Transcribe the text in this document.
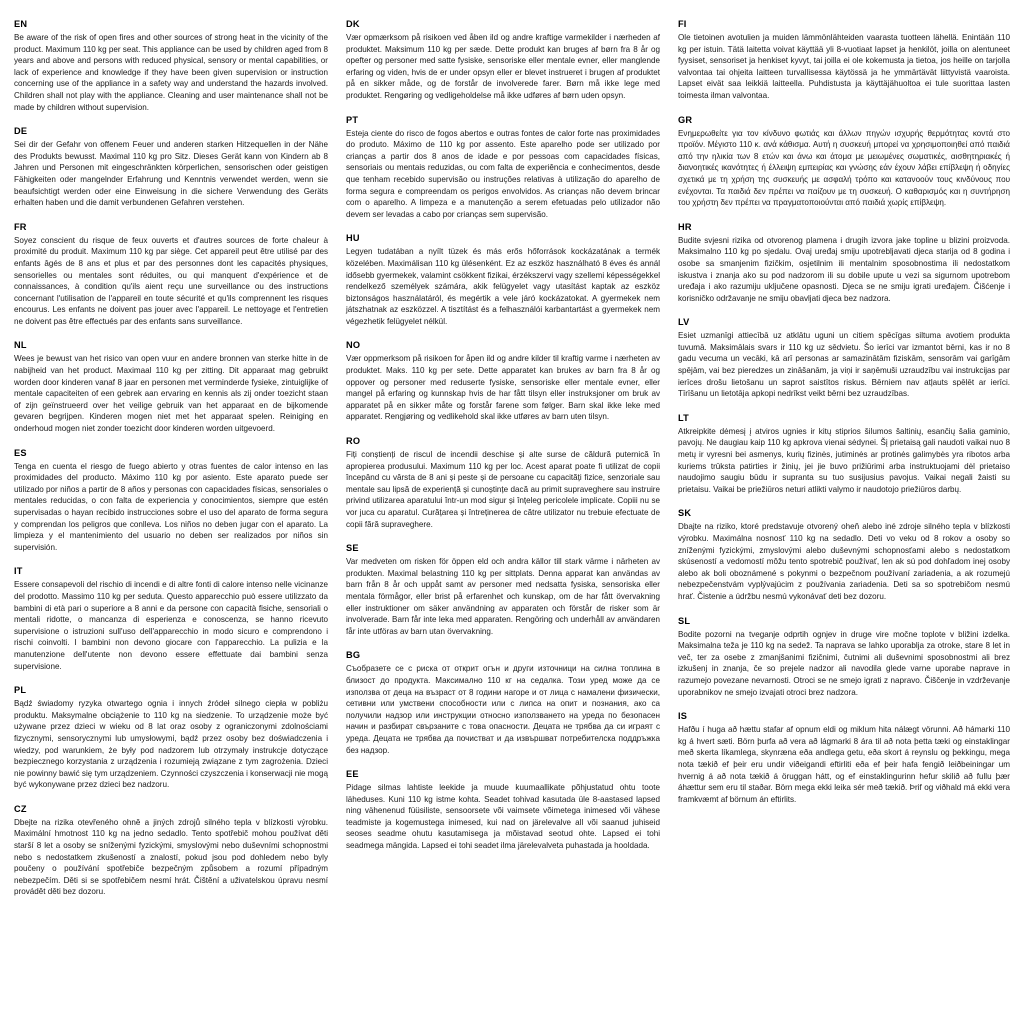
EN
Be aware of the risk of open fires and other sources of strong heat in the vicinity of the product. Maximum 110 kg per seat. This appliance can be used by children aged from 8 years and above and persons with reduced physical, sensory or mental capabilities, or lack of experience and knowledge if they have been given supervision or instruction concerning use of the appliance in a safety way and understand the hazards involved. Children shall not play with the appliance. Cleaning and user maintenance shall not be made by children without supervision.
DE
Sei dir der Gefahr von offenem Feuer und anderen starken Hitzequellen in der Nähe des Produkts bewusst. Maximal 110 kg pro Sitz. Dieses Gerät kann von Kindern ab 8 Jahren und Personen mit eingeschränkten körperlichen, sensorischen oder geistigen Fähigkeiten oder mangelnder Erfahrung und Kenntnis verwendet werden, wenn sie beaufsichtigt werden oder eine Einweisung in die sichere Verwendung des Geräts erhalten haben und die damit verbundenen Gefahren verstehen.
FR
Soyez conscient du risque de feux ouverts et d'autres sources de forte chaleur à proximité du produit. Maximum 110 kg par siège. Cet appareil peut être utilisé par des enfants âgés de 8 ans et plus et par des personnes dont les capacités physiques, sensorielles ou mentales sont réduites, ou qui manquent d'expérience et de connaissances, à condition qu'ils aient reçu une surveillance ou des instructions concernant l'utilisation de l'appareil en toute sécurité et qu'ils comprennent les risques encourus. Les enfants ne doivent pas jouer avec l'appareil. Le nettoyage et l'entretien ne doivent pas être effectués par des enfants sans surveillance.
NL
Wees je bewust van het risico van open vuur en andere bronnen van sterke hitte in de nabijheid van het product. Maximaal 110 kg per zitting. Dit apparaat mag gebruikt worden door kinderen vanaf 8 jaar en personen met verminderde fysieke, zintuiglijke of mentale capaciteiten of een gebrek aan ervaring en kennis als zij onder toezicht staan of zijn geïnstrueerd over het veilige gebruik van het apparaat en de bijkomende gevaren begrijpen. Kinderen mogen niet met het apparaat spelen. Reiniging en onderhoud mogen niet zonder toezicht door kinderen worden uitgevoerd.
ES
Tenga en cuenta el riesgo de fuego abierto y otras fuentes de calor intenso en las proximidades del producto. Máximo 110 kg por asiento. Este aparato puede ser utilizado por niños a partir de 8 años y personas con capacidades físicas, sensoriales o mentales reducidas, o con falta de experiencia y conocimientos, siempre que estén supervisadas o hayan recibido instrucciones sobre el uso del aparato de forma segura y comprendan los peligros que conlleva. Los niños no deben jugar con el aparato. La limpieza y el mantenimiento del usuario no deben ser realizados por niños sin supervisión.
IT
Essere consapevoli del rischio di incendi e di altre fonti di calore intenso nelle vicinanze del prodotto. Massimo 110 kg per seduta. Questo apparecchio può essere utilizzato da bambini di età pari o superiore a 8 anni e da persone con capacità fisiche, sensoriali o mentali ridotte, o mancanza di esperienza e conoscenza, se hanno ricevuto supervisione o istruzioni sull'uso dell'apparecchio in modo sicuro e comprendono i rischi coinvolti. I bambini non devono giocare con l'apparecchio. La pulizia e la manutenzione dell'utente non devono essere effettuate dai bambini senza supervisione.
PL
Bądź świadomy ryzyka otwartego ognia i innych źródeł silnego ciepła w pobliżu produktu. Maksymalne obciążenie to 110 kg na siedzenie. To urządzenie może być używane przez dzieci w wieku od 8 lat oraz osoby z ograniczonymi zdolnościami fizycznymi, sensorycznymi lub umysłowymi, bądź przez osoby bez doświadczenia i wiedzy, pod warunkiem, że były pod nadzorem lub otrzymały instrukcje dotyczące bezpiecznego korzystania z urządzenia i rozumieją związane z tym zagrożenia. Dzieci nie powinny bawić się tym urządzeniem. Czynności czyszczenia i konserwacji nie mogą być wykonywane przez dzieci bez nadzoru.
CZ
Dbejte na rizika otevřeného ohně a jiných zdrojů silného tepla v blízkosti výrobku. Maximální hmotnost 110 kg na jedno sedadlo. Tento spotřebič mohou používat děti starší 8 let a osoby se sníženými fyzickými, smyslovými nebo duševními schopnostmi nebo s nedostatkem zkušeností a znalostí, pokud jsou pod dohledem nebo byly poučeny o používání spotřebiče bezpečným způsobem a rozumí případným nebezpečím. Děti si se spotřebičem nesmí hrát. Čištění a uživatelskou úpravu nesmí provádět děti bez dozoru.
DK
Vær opmærksom på risikoen ved åben ild og andre kraftige varmekilder i nærheden af produktet. Maksimum 110 kg per sæde. Dette produkt kan bruges af børn fra 8 år og opefter og personer med satte fysiske, sensoriske eller mentale evner, eller manglende erfaring og viden, hvis de er under opsyn eller er blevet instrueret i brugen af produktet på en sikker måde, og de forstår de involverede farer. Børn må ikke lege med produktet. Rengøring og vedligeholdelse må ikke udføres af børn uden opsyn.
PT
Esteja ciente do risco de fogos abertos e outras fontes de calor forte nas proximidades do produto. Máximo de 110 kg por assento. Este aparelho pode ser utilizado por crianças a partir dos 8 anos de idade e por pessoas com capacidades físicas, sensoriais ou mentais reduzidas, ou com falta de experiência e conhecimentos, desde que tenham recebido supervisão ou instruções relativas à utilização do aparelho de forma segura e compreendam os perigos envolvidos. As crianças não devem brincar com o aparelho. A limpeza e a manutenção a serem efetuadas pelo utilizador não devem ser levadas a cabo por crianças sem supervisão.
HU
Legyen tudatában a nyílt tüzek és más erős hőforrások kockázatának a termék közelében. Maximálisan 110 kg ülésenként. Ez az eszköz használható 8 éves és annál idősebb gyermekek, valamint csökkent fizikai, érzékszervi vagy szellemi képességekkel rendelkező személyek számára, akik felügyelet vagy utasítást kaptak az eszköz biztonságos használatáról, és megértik a vele járó kockázatokat. A gyermekek nem játszhatnak az eszközzel. A tisztítást és a felhasználói karbantartást a gyermekek nem végezhetik felügyelet nélkül.
NO
Vær oppmerksom på risikoen for åpen ild og andre kilder til kraftig varme i nærheten av produktet. Maks. 110 kg per sete. Dette apparatet kan brukes av barn fra 8 år og oppover og personer med reduserte fysiske, sensoriske eller mentale evner, eller mangel på erfaring og kunnskap hvis de har fått tilsyn eller instruksjoner om bruk av apparatet på en sikker måte og forstår farene som følger. Barn skal ikke leke med apparatet. Rengjøring og vedlikehold skal ikke utføres av barn uten tilsyn.
RO
Fiți conștienți de riscul de incendii deschise și alte surse de căldură puternică în apropierea produsului. Maximum 110 kg per loc. Acest aparat poate fi utilizat de copii începând cu vârsta de 8 ani și peste și de persoane cu capacități fizice, senzoriale sau mentale sau lipsă de experiență și cunoștințe dacă au primit supraveghere sau instruire privind utilizarea aparatului într-un mod sigur și înțeleg pericolele implicate. Copiii nu se vor juca cu aparatul. Curățarea și întreținerea de către utilizator nu trebuie efectuate de copii fără supraveghere.
SE
Var medveten om risken för öppen eld och andra källor till stark värme i närheten av produkten. Maximal belastning 110 kg per sittplats. Denna apparat kan användas av barn från 8 år och uppåt samt av personer med nedsatta fysiska, sensoriska eller mentala förmågor, eller brist på erfarenhet och kunskap, om de har fått övervakning eller instruktioner om säker användning av apparaten och förstår de risker som är involverade. Barn får inte leka med apparaten. Rengöring och underhåll av användaren får inte utföras av barn utan övervakning.
BG
Съобразете се с риска от открит огън и други източници на силна топлина в близост до продукта. Максимално 110 кг на седалка. Този уред може да се използва от деца на възраст от 8 години нагоре и от лица с намалени физически, сетивни или умствени способности или с липса на опит и познания, ако са получили надзор или инструкции относно използването на уреда по безопасен начин и разбират свързаните с това опасности. Децата не трябва да си играят с уреда. Децата не трябва да почистват и да извършват потребителска поддръжка без надзор.
EE
Pidage silmas lahtiste leekide ja muude kuumaallikate põhjustatud ohtu toote läheduses. Kuni 110 kg istme kohta. Seadet tohivad kasutada üle 8-aastased lapsed ning vähenenud füüsiliste, sensoorsete või vaimsete võimetega inimesed või vähese teadmiste ja kogemustega inimesed, kui nad on järelevalve all või saanud juhiseid seoses seadme ohutu kasutamisega ja mõistavad seotud ohte. Lapsed ei tohi seadmega mängida. Lapsed ei tohi seadet ilma järelevalveta puhastada ja hooldada.
FI
Ole tietoinen avotulien ja muiden lämmönlähteiden vaarasta tuotteen lähellä. Enintään 110 kg per istuin. Tätä laitetta voivat käyttää yli 8-vuotiaat lapset ja henkilöt, joilla on alentuneet fyysiset, sensoriset ja henkiset kyvyt, tai joilla ei ole kokemusta ja tietoa, jos heille on tarjolla valvontaa tai ohjeita laitteen turvallisessa käytössä ja he ymmärtävät liittyvistä vaaroista. Lapset eivät saa leikkiä laitteella. Puhdistusta ja käyttäjähuoltoa ei tule suorittaa lasten toimesta ilman valvontaa.
GR
Ενημερωθείτε για τον κίνδυνο φωτιάς και άλλων πηγών ισχυρής θερμότητας κοντά στο προϊόν. Μέγιστο 110 κ. ανά κάθισμα. Αυτή η συσκευή μπορεί να χρησιμοποιηθεί από παιδιά από την ηλικία των 8 ετών και άνω και άτομα με μειωμένες σωματικές, αισθητηριακές ή διανοητικές ικανότητες ή έλλειψη εμπειρίας και γνώσης εάν έχουν λάβει επίβλεψη ή οδηγίες σχετικά με τη χρήση της συσκευής με ασφαλή τρόπο και κατανοούν τους κινδύνους που ενέχονται. Τα παιδιά δεν πρέπει να παίζουν με τη συσκευή. Ο καθαρισμός και η συντήρηση του χρήστη δεν πρέπει να πραγματοποιούνται από παιδιά χωρίς επίβλεψη.
HR
Budite svjesni rizika od otvorenog plamena i drugih izvora jake topline u blizini proizvoda. Maksimalno 110 kg po sjedalu. Ovaj uređaj smiju upotrebljavati djeca starija od 8 godina i osobe sa smanjenim fizičkim, osjetilnim ili mentalnim sposobnostima ili nedostatkom iskustva i znanja ako su pod nadzorom ili su dobile upute u vezi sa sigurnom upotrebom uređaja i ako razumiju uključene opasnosti. Djeca se ne smiju igrati uređajem. Čišćenje i korisničko održavanje ne smiju obavljati djeca bez nadzora.
LV
Esiet uzmanīgi attiecībā uz atklātu uguni un citiem spēcīgas siltuma avotiem produkta tuvumā. Maksimālais svars ir 110 kg uz sēdvietu. Šo ierīci var izmantot bērni, kas ir no 8 gadu vecuma un vecāki, kā arī personas ar samazinātām fiziskām, sensorām vai garīgām spējām, vai bez pieredzes un zināšanām, ja viņi ir saņēmuši uzraudzību vai instrukcijas par ierīces drošu lietošanu un saprot saistītos riskus. Bērniem nav atļauts spēlēt ar ierīci. Tīrīšanu un lietotāja apkopi nedrīkst veikt bērni bez uzraudzības.
LT
Atkreipkite dėmesį į atviros ugnies ir kitų stiprios šilumos šaltinių, esančių šalia gaminio, pavojų. Ne daugiau kaip 110 kg apkrova vienai sėdynei. Šį prietaisą gali naudoti vaikai nuo 8 metų ir vyresni bei asmenys, kurių fizinės, jutiminės ar protinės galimybės yra ribotos arba kuriems trūksta patirties ir žinių, jei jie buvo prižiūrimi arba instruktuojami dėl prietaiso naudojimo saugiu būdu ir supranta su tuo susijusius pavojus. Vaikai negali žaisti su prietaisu. Vaikai be priežiūros neturi atlikti valymo ir naudotojo priežiūros darbų.
SK
Dbajte na riziko, ktoré predstavuje otvorený oheň alebo iné zdroje silného tepla v blízkosti výrobku. Maximálna nosnosť 110 kg na sedadlo. Deti vo veku od 8 rokov a osoby so zníženými fyzickými, zmyslovými alebo duševnými schopnosťami alebo s nedostatkom skúseností a vedomostí môžu tento spotrebič používať, len ak sú pod dohľadom inej osoby alebo ak boli oboznámené s pokynmi o bezpečnom používaní zariadenia, a ak rozumejú nebezpečenstvám vyplývajúcim z používania zariadenia. Deti sa so spotrebičom nesmú hrať. Čistenie a údržbu nesmú vykonávať deti bez dozoru.
SL
Bodite pozorni na tveganje odprtih ognjev in druge vire močne toplote v bližini izdelka. Maksimalna teža je 110 kg na sedež. Ta naprava se lahko uporablja za otroke, stare 8 let in več, ter za osebe z zmanjšanimi fizičnimi, čutnimi ali duševnimi sposobnostmi ali brez izkušenj in znanja, če so prejele nadzor ali navodila glede varne uporabe naprave in razumejo povezane nevarnosti. Otroci se ne smejo igrati z napravo. Čiščenje in vzdrževanje uporabnikov ne smejo izvajati otroci brez nadzora.
IS
Hafðu í huga að hættu stafar af opnum eldi og miklum hita nálægt vörunni. Að hámarki 110 kg á hvert sæti. Börn þurfa að vera að lágmarki 8 ára til að nota þetta tæki og einstaklingar með skerta líkamlega, skynræna eða andlega getu, eða skort á reynslu og þekkingu, mega nota tækið ef þeir eru undir viðeigandi eftirliti eða ef þeir hafa fengið leiðbeiningar um hvernig á að nota tækið á öruggan hátt, og ef einstaklingurinn hefur skilið að fullu þær áhættur sem eru til staðar. Börn mega ekki leika sér með tækið. Þrif og viðhald má ekki vera framkvæmt af börnum án eftirlits.
